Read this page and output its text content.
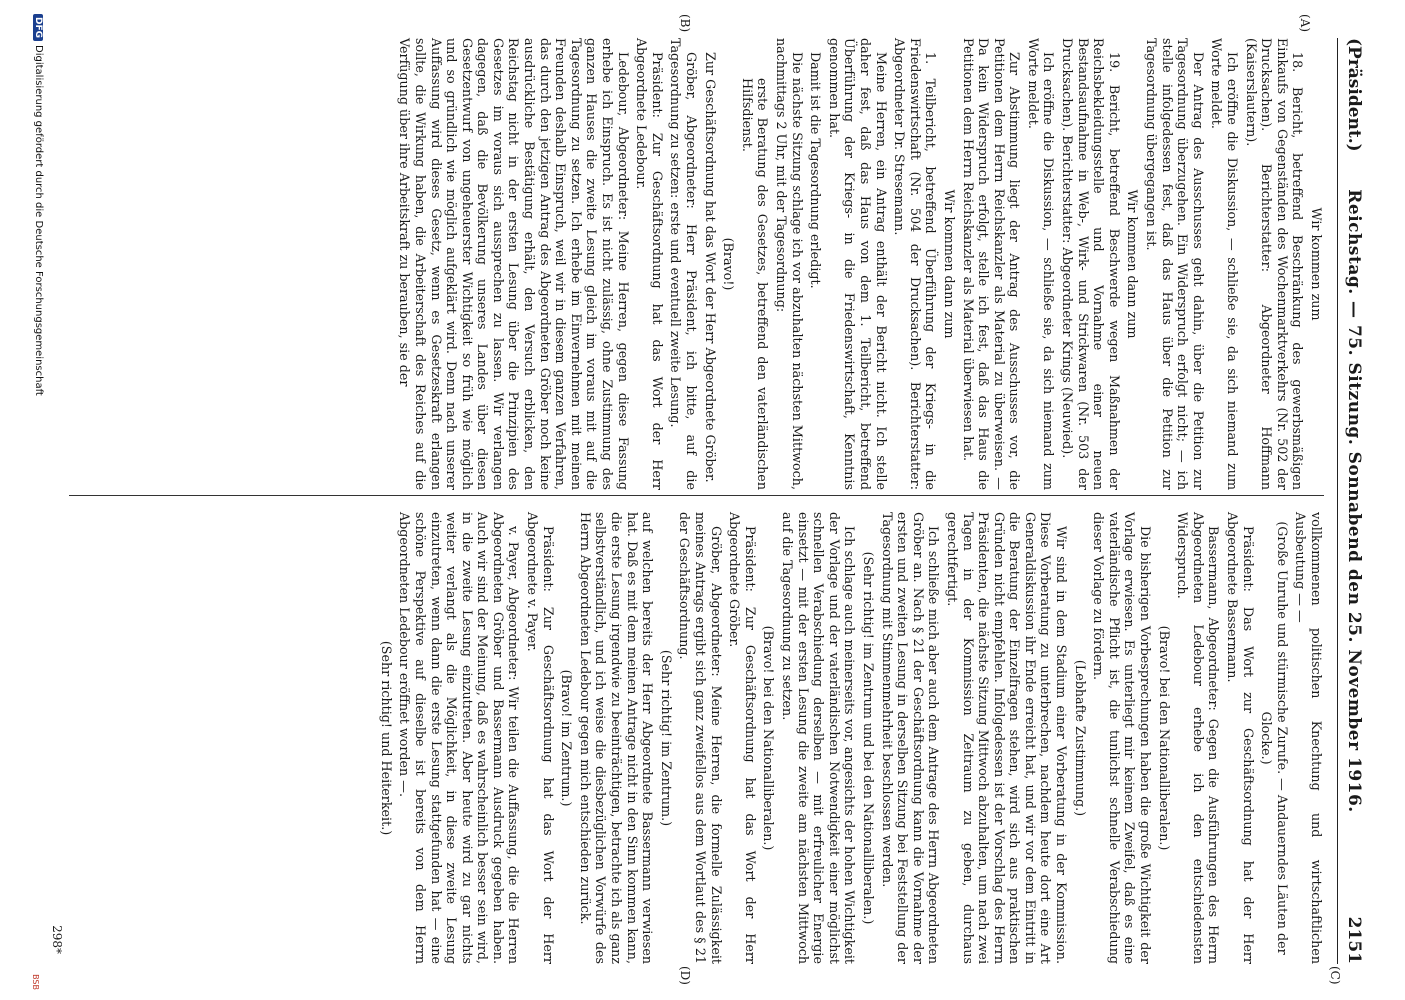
(Präsident.)
Reichstag. — 75. Sitzung. Sonnabend den 25. November 1916.
2151
(A)
(B)
(C)
(D)

Wir kommen zum

18. Bericht, betreffend Beschränkung des gewerbsmäßigen Einkaufs von Gegenständen des Wochenmarktverkehrs (Nr. 502 der Drucksachen). Berichterstatter: Abgeordneter Hoffmann (Kaiserslautern).

Ich eröffne die Diskussion, — schließe sie, da sich niemand zum Worte meldet.

Der Antrag des Ausschusses geht dahin, über die Petition zur Tagesordnung überzugehen. Ein Widerspruch erfolgt nicht; — ich stelle infolgedessen fest, daß das Haus über die Petition zur Tagesordnung übergegangen ist.

Wir kommen dann zum

19. Bericht, betreffend Beschwerde wegen Maßnahmen der Reichsbekleidungsstelle und Vornahme einer neuen Bestandsaufnahme in Web-, Wirk- und Strickwaren (Nr. 503 der Drucksachen). Berichterstatter: Abgeordneter Krings (Neuwied).

Ich eröffne die Diskussion, — schließe sie, da sich niemand zum Worte meldet.

Zur Abstimmung liegt der Antrag des Ausschusses vor, die Petitionen dem Herrn Reichskanzler als Material zu überweisen. — Da kein Widerspruch erfolgt, stelle ich fest, daß das Haus die Petitionen dem Herrn Reichskanzler als Material überwiesen hat.

Wir kommen dann zum

1. Teilbericht, betreffend Überführung der Kriegs- in die Friedenswirtschaft (Nr. 504 der Drucksachen). Berichterstatter: Abgeordneter Dr. Stresemann.

Meine Herren, ein Antrag enthält der Bericht nicht. Ich stelle daher fest, daß das Haus von dem 1. Teilbericht, betreffend Überführung der Kriegs- in die Friedenswirtschaft, Kenntnis genommen hat.

Damit ist die Tagesordnung erledigt.

Die nächste Sitzung schlage ich vor abzuhalten nächsten Mittwoch, nachmittags 2 Uhr, mit der Tagesordnung:

erste Beratung des Gesetzes, betreffend den vaterländischen Hilfsdienst.

(Bravo!)

Zur Geschäftsordnung hat das Wort der Herr Abgeordnete Gröber.

Gröber, Abgeordneter: Herr Präsident, ich bitte, auf die Tagesordnung zu setzen: erste und eventuell zweite Lesung.

Präsident: Zur Geschäftsordnung hat das Wort der Herr Abgeordnete Ledebour.

Ledebour, Abgeordneter: Meine Herren, gegen diese Fassung erhebe ich Einspruch. Es ist nicht zulässig, ohne Zustimmung des ganzen Hauses die zweite Lesung gleich im voraus mit auf die Tagesordnung zu setzen. Ich erhebe im Einvernehmen mit meinen Freunden deshalb Einspruch, weil wir in diesem ganzen Verfahren, das durch den jetzigen Antrag des Abgeordneten Gröber noch keine ausdrückliche Bestätigung erhält, den Versuch erblicken, den Reichstag nicht in der ersten Lesung über die Prinzipien des Gesetzes im voraus sich aussprechen zu lassen. Wir verlangen dagegen, daß die Bevölkerung unseres Landes über diesen Gesetzentwurf von ungeheuerster Wichtigkeit so früh wie möglich und so gründlich wie möglich aufgeklärt wird. Denn nach unserer Auffassung wird dieses Gesetz, wenn es Gesetzeskraft erlangen sollte, die Wirkung haben, die Arbeiterschaft des Reiches auf die Verfügung über ihre Arbeitskraft zu berauben, sie der

vollkommenen politischen Knechtung und wirtschaftlichen Ausbeutung — —

(Große Unruhe und stürmische Zurufe. — Andauerndes Läuten der Glocke.)

Präsident: Das Wort zur Geschäftsordnung hat der Herr Abgeordnete Bassermann.

Bassermann, Abgeordneter: Gegen die Ausführungen des Herrn Abgeordneten Ledebour erhebe ich den entschiedensten Widerspruch.

(Bravo! bei den Nationalliberalen.)

Die bisherigen Vorbesprechungen haben die große Wichtigkeit der Vorlage erwiesen. Es unterliegt mir keinem Zweifel, daß es eine vaterländische Pflicht ist, die tunlichst schnelle Verabschiedung dieser Vorlage zu fördern.

(Lebhafte Zustimmung.)

Wir sind in dem Stadium einer Vorberatung in der Kommission. Diese Vorberatung zu unterbrechen, nachdem heute dort eine Art Generaldiskussion ihr Ende erreicht hat, und wir vor dem Eintritt in die Beratung der Einzelfragen stehen, wird sich aus praktischen Gründen nicht empfehlen. Infolgedessen ist der Vorschlag des Herrn Präsidenten, die nächste Sitzung Mittwoch abzuhalten, um nach zwei Tagen in der Kommission Zeitraum zu geben, durchaus gerechtfertigt.

Ich schließe mich aber auch dem Antrage des Herrn Abgeordneten Gröber an. Nach § 21 der Geschäftsordnung kann die Vornahme der ersten und zweiten Lesung in derselben Sitzung bei Feststellung der Tagesordnung mit Stimmenmehrheit beschlossen werden.

(Sehr richtig! im Zentrum und bei den Nationalliberalen.)

Ich schlage auch meinerseits vor, angesichts der hohen Wichtigkeit der Vorlage und der vaterländischen Notwendigkeit einer möglichst schnellen Verabschiedung derselben — mit erfreulicher Energie einsetzt — mit der ersten Lesung die zweite am nächsten Mittwoch auf die Tagesordnung zu setzen.

(Bravo! bei den Nationalliberalen.)

Präsident: Zur Geschäftsordnung hat das Wort der Herr Abgeordnete Gröber.

Gröber, Abgeordneter: Meine Herren, die formelle Zulässigkeit meines Antrags ergibt sich ganz zweifellos aus dem Wortlaut des § 21 der Geschäftsordnung.

(Sehr richtig! im Zentrum.)

auf welchen bereits der Herr Abgeordnete Bassermann verwiesen hat. Daß es mit dem meinen Antrage nicht in den Sinn kommen kann, die erste Lesung irgendwie zu beeinträchtigen, betrachte ich als ganz selbstverständlich, und ich weise die diesbezüglichen Vorwürfe des Herrn Abgeordneten Ledebour gegen mich entschieden zurück.

(Bravo! im Zentrum.)

Präsident: Zur Geschäftsordnung hat das Wort der Herr Abgeordnete v. Payer.

v. Payer, Abgeordneter: Wir teilen die Auffassung, die die Herren Abgeordneten Gröber und Bassermann Ausdruck gegeben haben. Auch wir sind der Meinung, daß es wahrscheinlich besser sein wird, in die zweite Lesung einzutreten. Aber heute wird zu gar nichts weiter verlangt als die Möglichkeit, in diese zweite Lesung einzutreten, wenn dann die erste Lesung stattgefunden hat — eine schöne Perspektive auf dieselbe ist bereits von dem Herrn Abgeordneten Ledebour eröffnet worden —.

(Sehr richtig! und Heiterkeit.)

298*
DFGDigitalisierung gefördert durch die Deutsche Forschungsgemeinschaft
BSB
